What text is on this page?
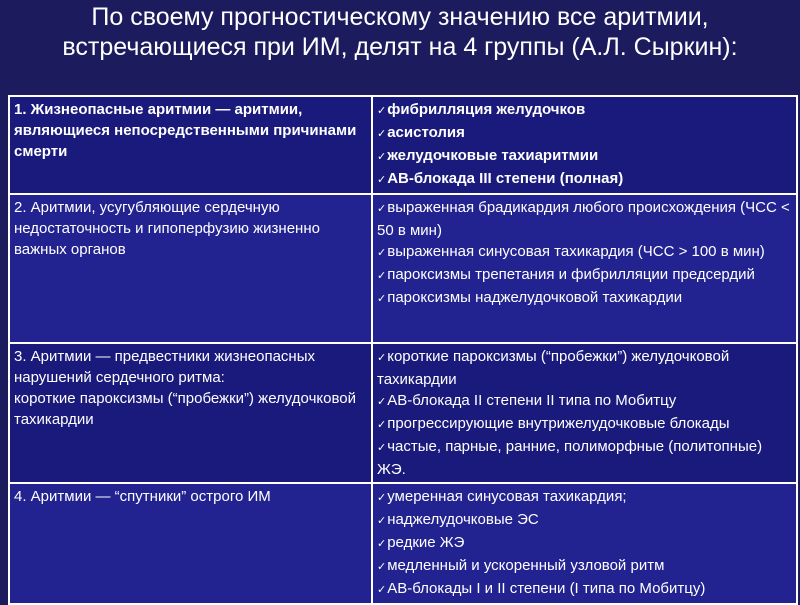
По своему прогностическому значению все аритмии, встречающиеся при ИМ, делят на 4 группы (А.Л. Сыркин):
1. Жизнеопасные аритмии — аритмии, являющиеся непосредственными причинами смерти	✓фибрилляция желудочков
✓асистолия
✓желудочковые тахиаритмии
✓АВ-блокада III степени (полная)

2. Аритмии, усугубляющие сердечную недостаточность и гипоперфузию жизненно важных органов	✓выраженная брадикардия любого происхождения (ЧСС < 50 в мин)
✓выраженная синусовая тахикардия (ЧСС > 100 в мин)
✓пароксизмы трепетания и фибрилляции предсердий
✓пароксизмы наджелудочковой тахикардии

3. Аритмии — предвестники жизнеопасных нарушений сердечного ритма:
короткие пароксизмы (“пробежки”) желудочковой тахикардии	✓короткие пароксизмы (“пробежки”) желудочковой тахикардии
✓АВ-блокада II степени II типа по Мобитцу
✓прогрессирующие внутрижелудочковые блокады
✓частые, парные, ранние, полиморфные (политопные) ЖЭ.

4. Аритмии — “спутники” острого ИМ	✓умеренная синусовая тахикардия;
✓наджелудочковые ЭС
✓редкие ЖЭ
✓медленный и ускоренный узловой ритм
✓АВ-блокады I и II степени (I типа по Мобитцу)
